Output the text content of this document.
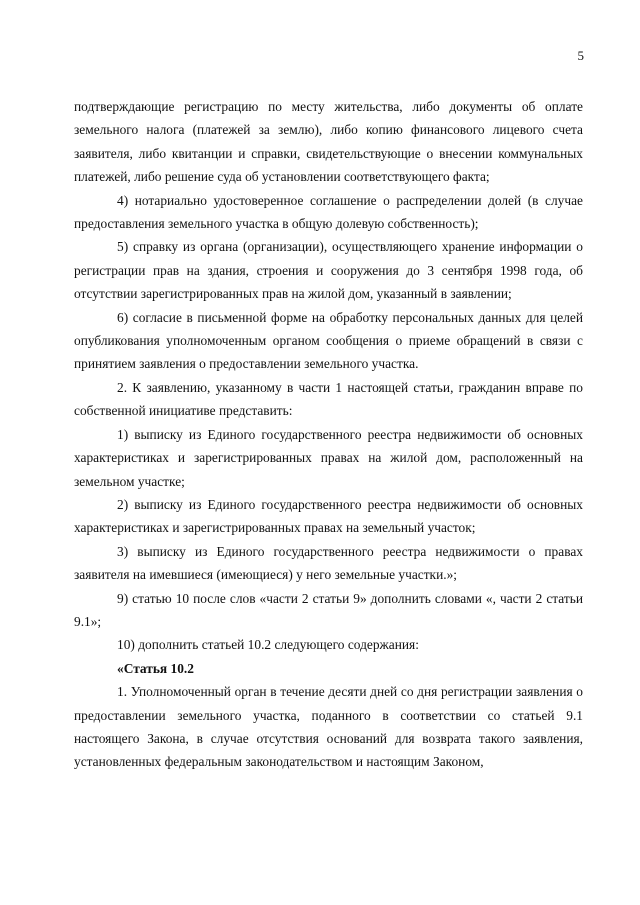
5

подтверждающие регистрацию по месту жительства, либо документы об оплате земельного налога (платежей за землю), либо копию финансового лицевого счета заявителя, либо квитанции и справки, свидетельствующие о внесении коммунальных платежей, либо решение суда об установлении соответствующего факта;

4) нотариально удостоверенное соглашение о распределении долей (в случае предоставления земельного участка в общую долевую собственность);

5) справку из органа (организации), осуществляющего хранение информации о регистрации прав на здания, строения и сооружения до 3 сентября 1998 года, об отсутствии зарегистрированных прав на жилой дом, указанный в заявлении;

6) согласие в письменной форме на обработку персональных данных для целей опубликования уполномоченным органом сообщения о приеме обращений в связи с принятием заявления о предоставлении земельного участка.

2. К заявлению, указанному в части 1 настоящей статьи, гражданин вправе по собственной инициативе представить:

1) выписку из Единого государственного реестра недвижимости об основных характеристиках и зарегистрированных правах на жилой дом, расположенный на земельном участке;

2) выписку из Единого государственного реестра недвижимости об основных характеристиках и зарегистрированных правах на земельный участок;

3) выписку из Единого государственного реестра недвижимости о правах заявителя на имевшиеся (имеющиеся) у него земельные участки.»;

9) статью 10 после слов «части 2 статьи 9» дополнить словами «, части 2 статьи 9.1»;

10) дополнить статьей 10.2 следующего содержания:

«Статья 10.2

1. Уполномоченный орган в течение десяти дней со дня регистрации заявления о предоставлении земельного участка, поданного в соответствии со статьей 9.1 настоящего Закона, в случае отсутствия оснований для возврата такого заявления, установленных федеральным законодательством и настоящим Законом,
